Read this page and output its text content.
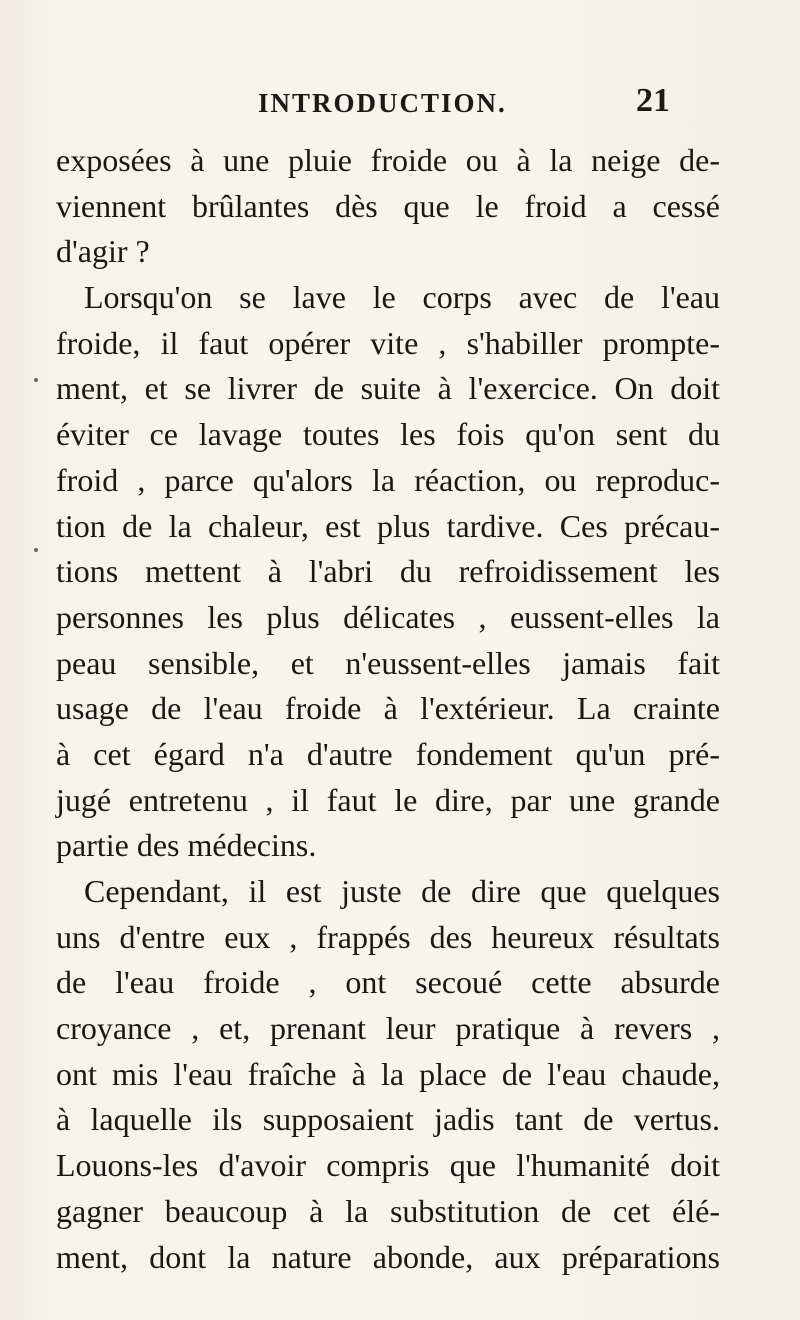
INTRODUCTION.	21
exposées à une pluie froide ou à la neige de-
viennent brûlantes dès que le froid a cessé
d'agir ?
Lorsqu'on se lave le corps avec de l'eau
froide, il faut opérer vite , s'habiller prompte-
ment, et se livrer de suite à l'exercice. On doit
éviter ce lavage toutes les fois qu'on sent du
froid , parce qu'alors la réaction, ou reproduc-
tion de la chaleur, est plus tardive. Ces précau-
tions mettent à l'abri du refroidissement les
personnes les plus délicates , eussent-elles la
peau sensible, et n'eussent-elles jamais fait
usage de l'eau froide à l'extérieur. La crainte
à cet égard n'a d'autre fondement qu'un pré-
jugé entretenu , il faut le dire, par une grande
partie des médecins.
Cependant, il est juste de dire que quelques
uns d'entre eux , frappés des heureux résultats
de l'eau froide , ont secoué cette absurde
croyance , et, prenant leur pratique à revers ,
ont mis l'eau fraîche à la place de l'eau chaude,
à laquelle ils supposaient jadis tant de vertus.
Louons-les d'avoir compris que l'humanité doit
gagner beaucoup à la substitution de cet élé-
ment, dont la nature abonde, aux préparations
